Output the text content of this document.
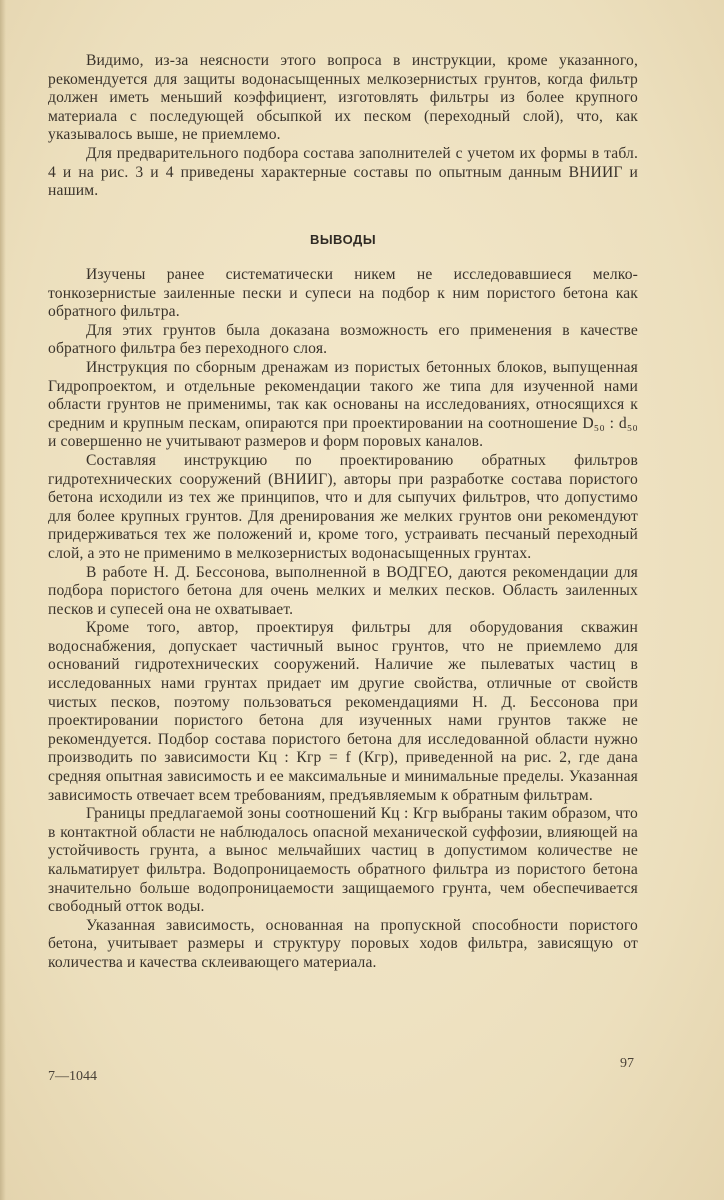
Видимо, из-за неясности этого вопроса в инструкции, кроме указанного, рекомендуется для защиты водонасыщенных мелкозернистых грунтов, когда фильтр должен иметь меньший коэффициент, изготовлять фильтры из более крупного материала с последующей обсыпкой их песком (переходный слой), что, как указывалось выше, не приемлемо.

Для предварительного подбора состава заполнителей с учетом их формы в табл. 4 и на рис. 3 и 4 приведены характерные составы по опытным данным ВНИИГ и нашим.

ВЫВОДЫ

Изучены ранее систематически никем не исследовавшиеся мелко-тонкозернистые заиленные пески и супеси на подбор к ним пористого бетона как обратного фильтра.

Для этих грунтов была доказана возможность его применения в качестве обратного фильтра без переходного слоя.

Инструкция по сборным дренажам из пористых бетонных блоков, выпущенная Гидропроектом, и отдельные рекомендации такого же типа для изученной нами области грунтов не применимы, так как основаны на исследованиях, относящихся к средним и крупным пескам, опираются при проектировании на соотношение D₅₀ : d₅₀ и совершенно не учитывают размеров и форм поровых каналов.

Составляя инструкцию по проектированию обратных фильтров гидротехнических сооружений (ВНИИГ), авторы при разработке состава пористого бетона исходили из тех же принципов, что и для сыпучих фильтров, что допустимо для более крупных грунтов. Для дренирования же мелких грунтов они рекомендуют придерживаться тех же положений и, кроме того, устраивать песчаный переходный слой, а это не применимо в мелкозернистых водонасыщенных грунтах.

В работе Н. Д. Бессонова, выполненной в ВОДГЕО, даются рекомендации для подбора пористого бетона для очень мелких и мелких песков. Область заиленных песков и супесей она не охватывает.

Кроме того, автор, проектируя фильтры для оборудования скважин водоснабжения, допускает частичный вынос грунтов, что не приемлемо для оснований гидротехнических сооружений. Наличие же пылеватых частиц в исследованных нами грунтах придает им другие свойства, отличные от свойств чистых песков, поэтому пользоваться рекомендациями Н. Д. Бессонова при проектировании пористого бетона для изученных нами грунтов также не рекомендуется. Подбор состава пористого бетона для исследованной области нужно производить по зависимости Кц : Кгр = f (Кгр), приведенной на рис. 2, где дана средняя опытная зависимость и ее максимальные и минимальные пределы. Указанная зависимость отвечает всем требованиям, предъявляемым к обратным фильтрам.

Границы предлагаемой зоны соотношений Кц : Кгр выбраны таким образом, что в контактной области не наблюдалось опасной механической суффозии, влияющей на устойчивость грунта, а вынос мельчайших частиц в допустимом количестве не кальматирует фильтра. Водопроницаемость обратного фильтра из пористого бетона значительно больше водопроницаемости защищаемого грунта, чем обеспечивается свободный отток воды.

Указанная зависимость, основанная на пропускной способности пористого бетона, учитывает размеры и структуру поровых ходов фильтра, зависящую от количества и качества склеивающего материала.

7—1044
97
